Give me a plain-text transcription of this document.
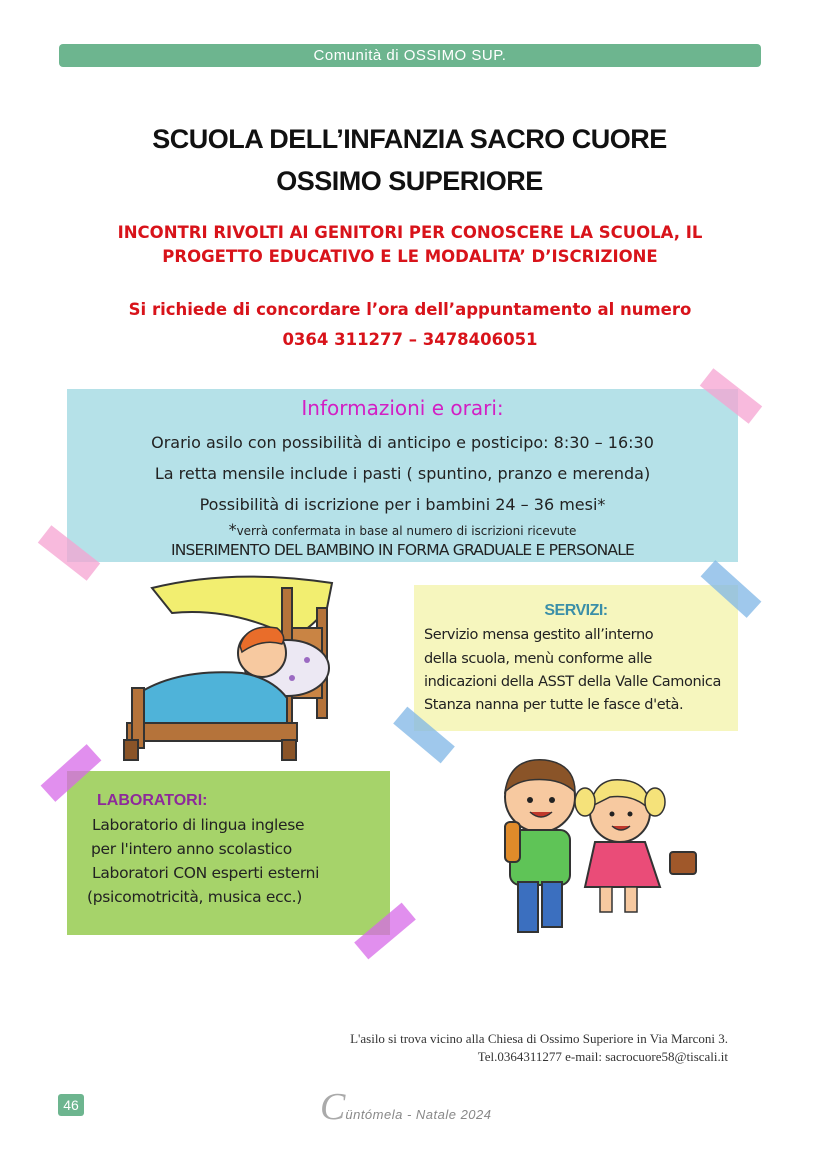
Comunità di OSSIMO SUP.
SCUOLA DELL’INFANZIA SACRO CUORE
OSSIMO SUPERIORE
INCONTRI RIVOLTI AI GENITORI PER CONOSCERE LA SCUOLA, IL
PROGETTO EDUCATIVO E LE MODALITA’ D’ISCRIZIONE
Si richiede di concordare l’ora dell’appuntamento al numero
0364 311277 – 3478406051
Informazioni e orari:
Orario asilo con possibilità di anticipo e posticipo: 8:30 – 16:30
La retta mensile include i pasti ( spuntino, pranzo e merenda)
Possibilità di iscrizione per i bambini 24 – 36 mesi*
*verrà confermata in base al numero di iscrizioni ricevute
INSERIMENTO DEL BAMBINO IN FORMA GRADUALE E PERSONALE
SERVIZI:
Servizio mensa gestito all’interno
della scuola, menù conforme alle
indicazioni della ASST della Valle Camonica
Stanza nanna per tutte le fasce d'età.
LABORATORI:
Laboratorio di lingua inglese
per l'intero anno scolastico
Laboratori CON esperti esterni
(psicomotricità, musica ecc.)
L'asilo si trova vicino alla Chiesa di Ossimo Superiore in Via Marconi 3.
Tel.0364311277 e-mail: sacrocuore58@tiscali.it
46	Cüntómela - Natale 2024
